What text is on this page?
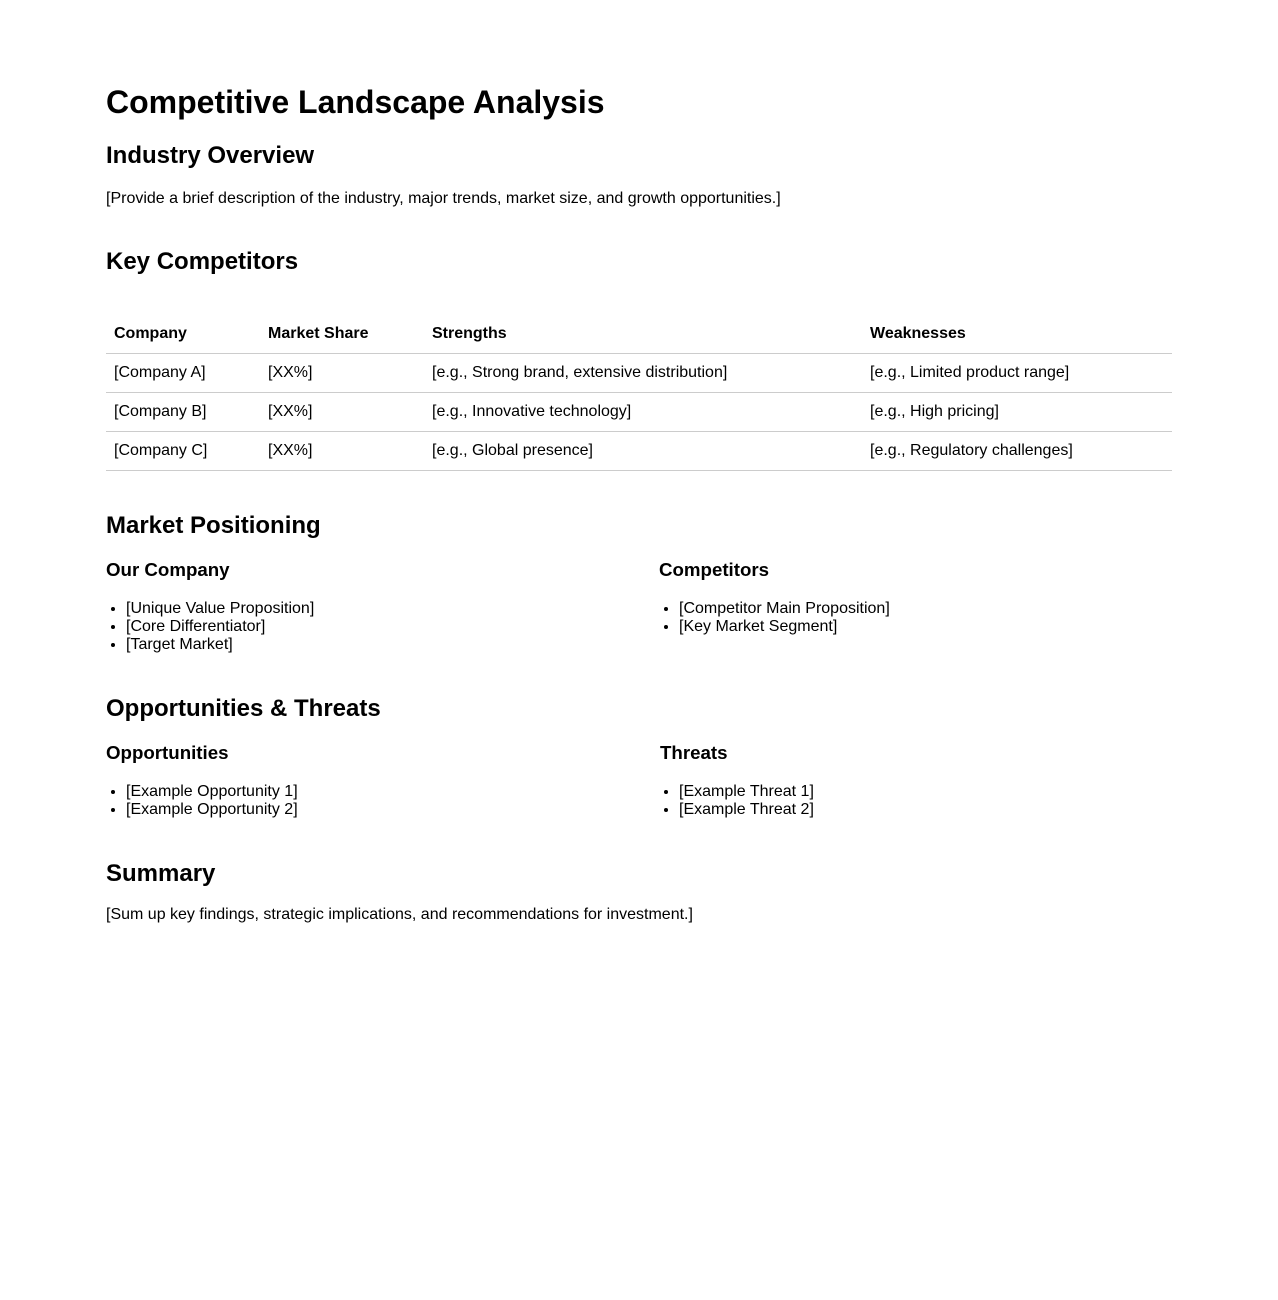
Competitive Landscape Analysis
Industry Overview

[Provide a brief description of the industry, major trends, market size, and growth opportunities.]

Key Competitors
Company	Market Share	Strengths	Weaknesses
[Company A]	[XX%]	[e.g., Strong brand, extensive distribution]	[e.g., Limited product range]
[Company B]	[XX%]	[e.g., Innovative technology]	[e.g., High pricing]
[Company C]	[XX%]	[e.g., Global presence]	[e.g., Regulatory challenges]
Market Positioning
Our Company
• [Unique Value Proposition]
• [Core Differentiator]
• [Target Market]
Competitors
• [Competitor Main Proposition]
• [Key Market Segment]
Opportunities & Threats
Opportunities
• [Example Opportunity 1]
• [Example Opportunity 2]
Threats
• [Example Threat 1]
• [Example Threat 2]
Summary

[Sum up key findings, strategic implications, and recommendations for investment.]
